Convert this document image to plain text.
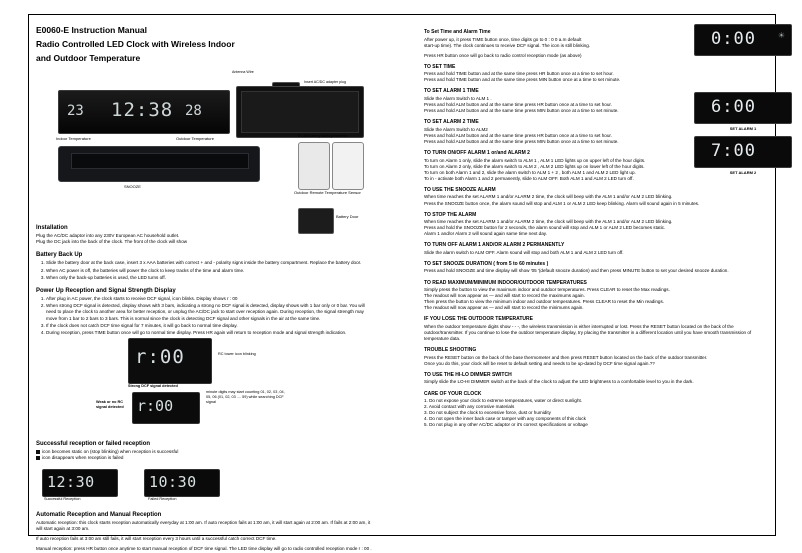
E0060-E Instruction Manual
Radio Controlled LED Clock with Wireless Indoor
and Outdoor Temperature
Antenna Wire
Insert AC/DC adapter plug
23 12:38 28
8 x AA battery backup/batteries
Indoor Temperature	Outdoor Temperature
SNOOZE
Outdoor Remote Temperature Sensor
Battery Door
Installation

Plug the AC/DC adaptor into any 230V European AC household outlet.

Plug the DC jack into the back of the clock. The front of the clock will show

Battery Back Up
1. Slide the battery door at the back case, insert 3 x AAA batteries with correct + and - polarity signs inside the battery compartment. Replace the battery door.
2. When AC power is off, the batteries will power the clock to keep tracks of the time and alarm time.
3. When only the back-up batteries is used, the LED turns off.
Power Up Reception and Signal Strength Display
1. After plug in AC power, the clock starts to receive DCF signal, icon blinks. Display shows r : 00
2. When strong DCF signal is detected, display shows with 3 bars, indicating a strong no DCF signal is detected, display shows with 1 bar only or 0 bar. You will need to place the clock to another area for better reception, or unplug the AC/DC jack to start over reception again. During reception, the signal strength may move from 1 bar to 2 bars to 3 bars. This is normal since the clock is detecting DCF signal and other signals in the air at the same time.
3. If the clock does not catch DCF time signal for 7 minutes, it will go back to normal time display.
4. During reception, press TIME button once will go to normal time display. Press HR again will return to reception mode and signal strength indication.
r:00	RC tower icon blinking
Strong DCF signal detected
r:00
minute digits may start counting 01, 02, 03 ,04, 05, 06 (01, 02, 03 .... 59) while searching DCF signal
Weak or no RC signal detected
Successful reception or failed reception

icon becomes static on (stop blinking) when reception is successful

icon disappears when reception is failed

12:30	10:30
Successful Reception	Failed Reception
Automatic Reception and Manual Reception

Automatic reception: this clock starts reception automatically everyday at 1:00 am. If auto reception fails at 1:00 am, it will start again at 2:00 am. If fails at 2:00 am, it will start again at 3:00 am.

If auto reception fails at 3:00 am still fails, it will start reception every 3 hours until a successful catch correct DCF time.

Manual reception: press HR button once anytime to start manual reception of DCF time signal. The LED time display will go to radio controlled reception mode r : 00 .

To Set Time and Alarm Time

After power up, it press TIME button once, time digits go to 0 : 0 0 a.m default

start-up time). The clock continues to receive DCF signal. The icon is still blinking.

Press HR button once will go back to radio control reception mode (as above)

TO SET TIME

Press and hold TIME button and at the same time press HR button once at a time to set hour.

Press and hold TIME button and at the same time press MIN button once at a time to set minute.

TO SET ALARM 1 TIME

Slide the Alarm Switch to ALM 1 .

Press and hold ALM button and at the same time press HR button once at a time to set hour.

Press and hold ALM button and at the same time press MIN button once at a time to set minute.

TO SET ALARM 2 TIME

Slide the Alarm Switch to ALM2

Press and hold ALM button and at the same time press HR button once at a time to set hour.

Press and hold ALM button and at the same time press MIN button once at a time to set minute.

TO TURN ON/OFF ALARM 1 or/and ALARM 2

To turn on Alarm 1 only, slide the alarm switch to ALM 1 , ALM 1 LED lights up on upper left of the hour digits.

To turn on Alarm 2 only, slide the alarm switch to ALM 2 , ALM 2 LED lights up on lower left of the hour digits.

To turn on both Alarm 1 and 2, slide the alarm switch to ALM 1 + 2 , both ALM 1 and ALM 2 LED light up.

To in - activate both Alarm 1 and 2 permanently, slide to ALM OFF. Both ALM 1 and ALM 2 LED turn off.

TO USE THE SNOOZE ALARM

When time reaches the set ALARM 1 and/or ALARM 2 time, the clock will beep with the ALM 1 and/or ALM 2 LED blinking.

Press the SNOOZE button once, the alarm sound will stop and ALM 1 or ALM 2 LED keep blinking. Alarm will sound again in 5 minutes.

TO STOP THE ALARM

When time reaches the set ALARM 1 and/or ALARM 2 time, the clock will beep with the ALM 1 and/or ALM 2 LED blinking.

Press and hold the SNOOZE button for 2 seconds, the alarm sound will stop and ALM 1 or ALM 2 LED becomes static.

Alarm 1 and/or Alarm 2 will sound again same time next day.

TO TURN OFF ALARM 1 AND/OR ALARM 2 PERMANENTLY

Slide the alarm switch to ALM OFF. Alarm sound will stop and both ALM 1 and ALM 2 LED turn off.

TO SET SNOOZE DURATION ( from 5 to 60 minutes )

Press and hold SNOOZE and time display will show '05 '(default snooze duration) and then press MINUTE button to set your desired snooze duration.

TO READ MAXIMUM/MINIMUM INDOOR/OUTDOOR TEMPERATURES

Simply press the button to view the maximum indoor and outdoor temperatures. Press CLEAR to reset the Max readings.

The readout will now appear as — and will start to record the maximums again.

Then press the button to view the minimum indoor and outdoor temperatures. Press CLEAR to reset the Min readings.

The readout will now appear as — and will start to record the minimums again.

IF YOU LOSE THE OUTDOOR TEMPERATURE

When the outdoor temperature digits show - - -, the wireless transmission is either interrupted or lost. Press the RESET button located on the back of the outdoor/transmitter. If you continue to lose the outdoor temperature display, try placing the transmitter in a different location until you have smooth transmission of temperature data.

TROUBLE SHOOTING

Press the RESET button on the back of the base thermometer and then press RESET button located on the back of the outdoor transmitter.

Once you do this, your clock will be reset to default setting and needs to be up-dated by DCF time signal again.??

TO USE THE HI-LO DIMMER SWITCH

Simply slide the LO-HI DIMMER switch at the back of the clock to adjust the LED brightness to a comfortable level to you in the dark.

CARE OF YOUR CLOCK

1. Do not expose your clock to extreme temperatures, water or direct sunlight.

2. Avoid contact with any corrosive materials

3. Do not subject the clock to excessive force, dust or humidity

4. Do not open the inner back case or tamper with any components of this clock

5. Do not plug in any other AC/DC adaptor or it's correct specifications or voltage

0:00	☀
6:00
SET ALARM 1
7:00
SET ALARM 2
